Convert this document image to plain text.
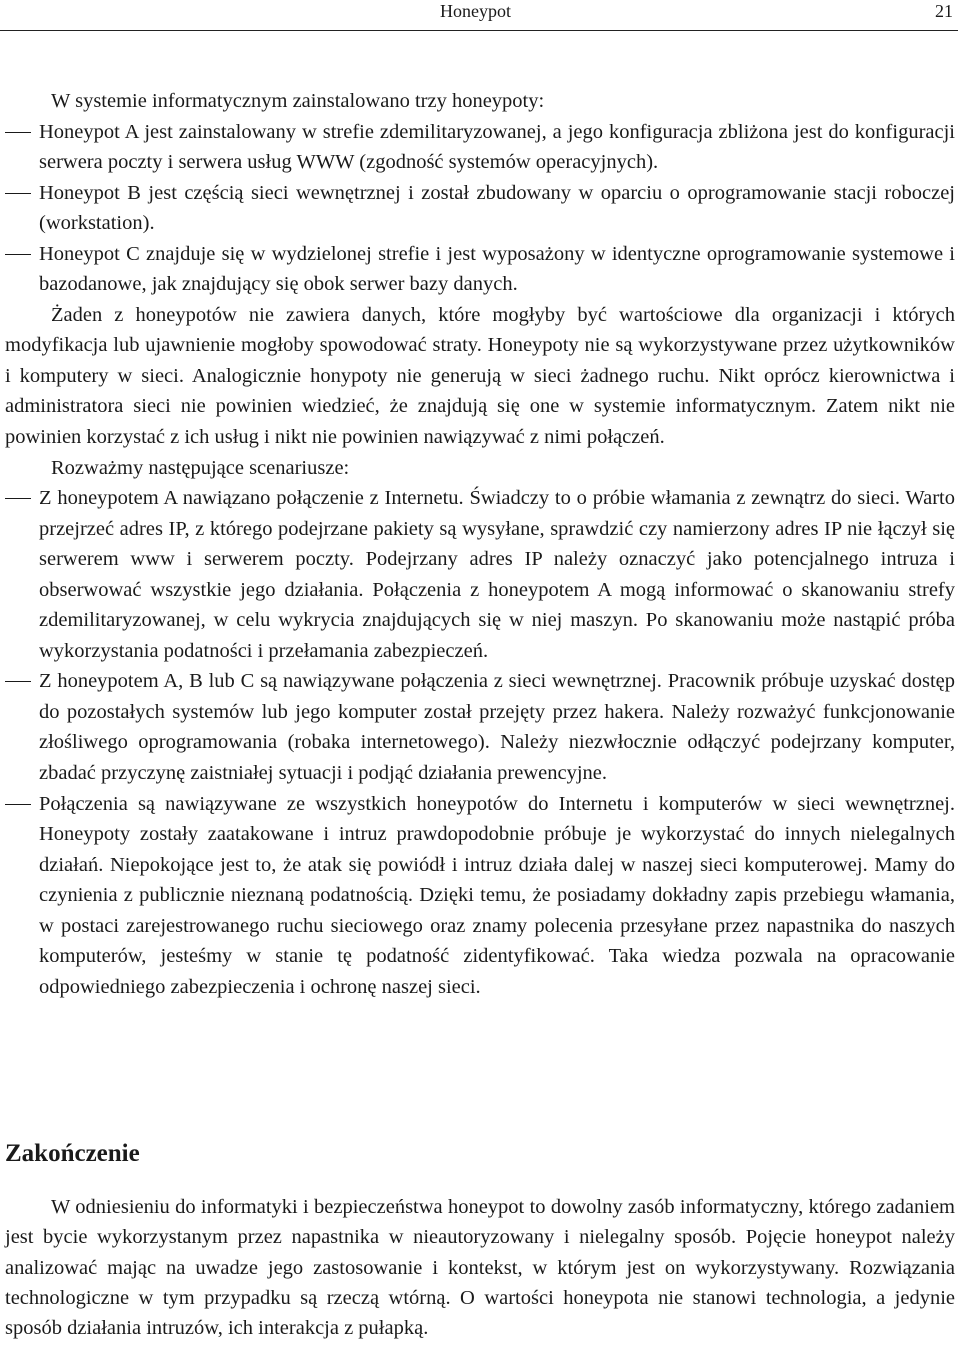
Honeypot	21

W systemie informatycznym zainstalowano trzy honeypoty:

Honeypot A jest zainstalowany w strefie zdemilitaryzowanej, a jego konfiguracja zbliżona jest do konfiguracji serwera poczty i serwera usług WWW (zgodność systemów operacyjnych).
Honeypot B jest częścią sieci wewnętrznej i został zbudowany w oparciu o oprogramowanie stacji roboczej (workstation).
Honeypot C znajduje się w wydzielonej strefie i jest wyposażony w identyczne oprogramowanie systemowe i bazodanowe, jak znajdujący się obok serwer bazy danych.

Żaden z honeypotów nie zawiera danych, które mogłyby być wartościowe dla organizacji i których modyfikacja lub ujawnienie mogłoby spowodować straty. Honeypoty nie są wykorzystywane przez użytkowników i komputery w sieci. Analogicznie honypoty nie generują w sieci żadnego ruchu. Nikt oprócz kierownictwa i administratora sieci nie powinien wiedzieć, że znajdują się one w systemie informatycznym. Zatem nikt nie powinien korzystać z ich usług i nikt nie powinien nawiązywać z nimi połączeń.

Rozważmy następujące scenariusze:

Z honeypotem A nawiązano połączenie z Internetu. Świadczy to o próbie włamania z zewnątrz do sieci. Warto przejrzeć adres IP, z którego podejrzane pakiety są wysyłane, sprawdzić czy namierzony adres IP nie łączył się serwerem www i serwerem poczty. Podejrzany adres IP należy oznaczyć jako potencjalnego intruza i obserwować wszystkie jego działania. Połączenia z honeypotem A mogą informować o skanowaniu strefy zdemilitaryzowanej, w celu wykrycia znajdujących się w niej maszyn. Po skanowaniu może nastąpić próba wykorzystania podatności i przełamania zabezpieczeń.
Z honeypotem A, B lub C są nawiązywane połączenia z sieci wewnętrznej. Pracownik próbuje uzyskać dostęp do pozostałych systemów lub jego komputer został przejęty przez hakera. Należy rozważyć funkcjonowanie złośliwego oprogramowania (robaka internetowego). Należy niezwłocznie odłączyć podejrzany komputer, zbadać przyczynę zaistniałej sytuacji i podjąć działania prewencyjne.
Połączenia są nawiązywane ze wszystkich honeypotów do Internetu i komputerów w sieci wewnętrznej. Honeypoty zostały zaatakowane i intruz prawdopodobnie próbuje je wykorzystać do innych nielegalnych działań. Niepokojące jest to, że atak się powiódł i intruz działa dalej w naszej sieci komputerowej. Mamy do czynienia z publicznie nieznaną podatnością. Dzięki temu, że posiadamy dokładny zapis przebiegu włamania, w postaci zarejestrowanego ruchu sieciowego oraz znamy polecenia przesyłane przez napastnika do naszych komputerów, jesteśmy w stanie tę podatność zidentyfikować. Taka wiedza pozwala na opracowanie odpowiedniego zabezpieczenia i ochronę naszej sieci.
Zakończenie

W odniesieniu do informatyki i bezpieczeństwa honeypot to dowolny zasób informatyczny, którego zadaniem jest bycie wykorzystanym przez napastnika w nieautoryzowany i nielegalny sposób. Pojęcie honeypot należy analizować mając na uwadze jego zastosowanie i kontekst, w którym jest on wykorzystywany. Rozwiązania technologiczne w tym przypadku są rzeczą wtórną. O wartości honeypota nie stanowi technologia, a jedynie sposób działania intruzów, ich interakcja z pułapką.
